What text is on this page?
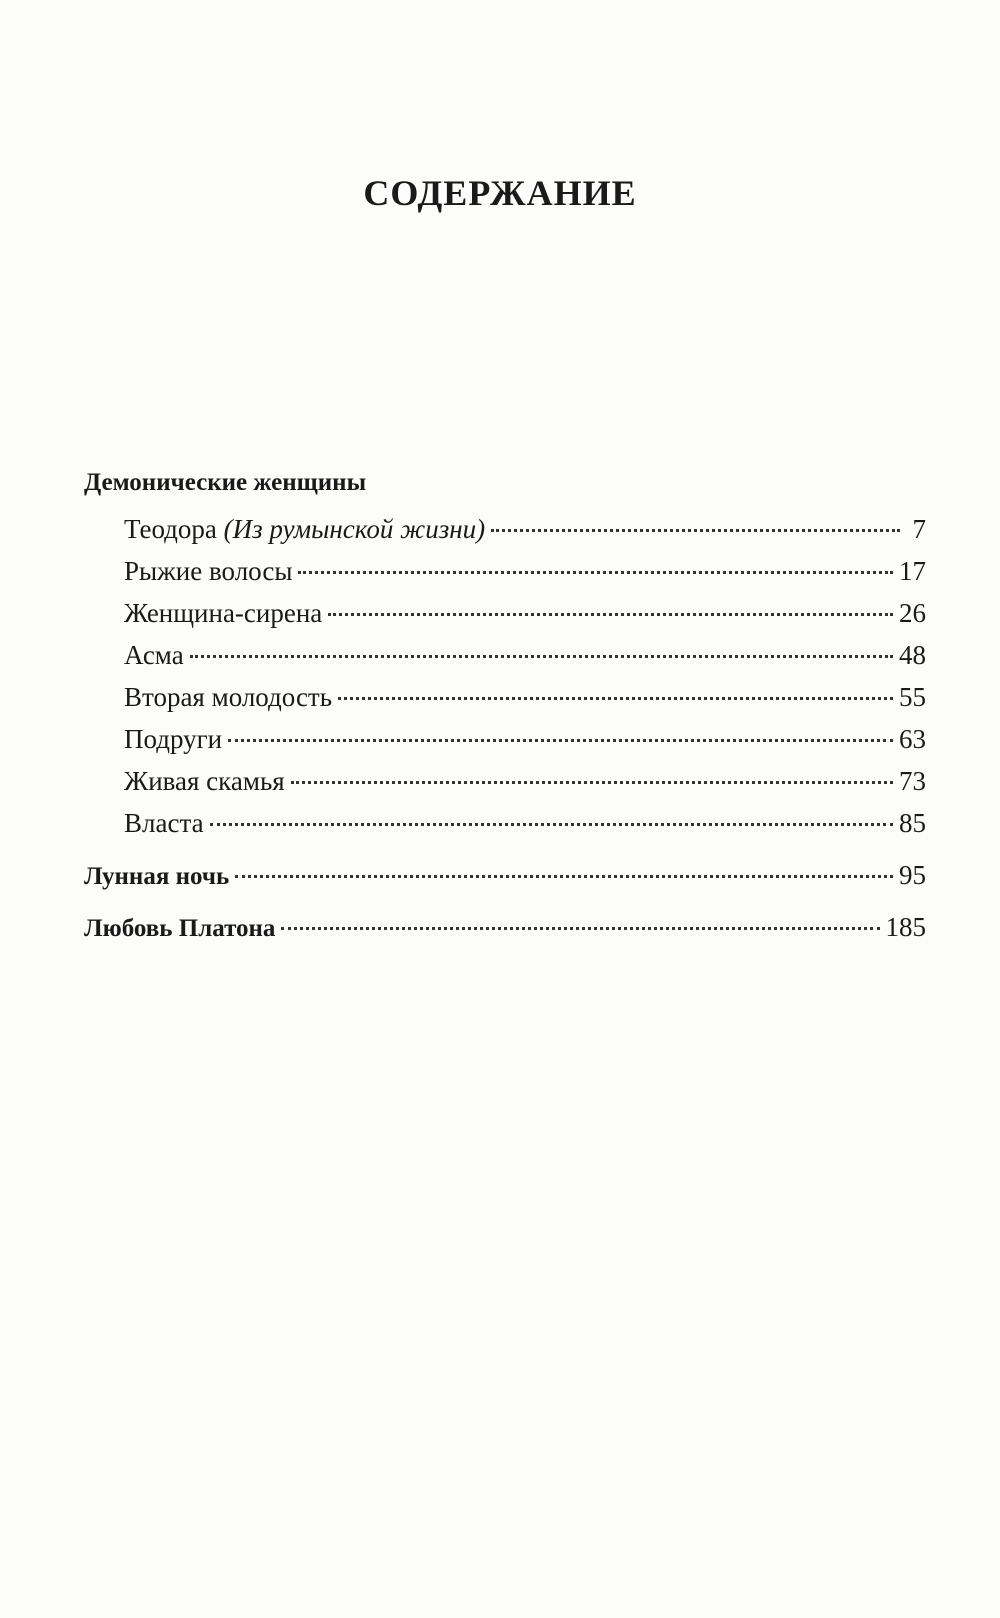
СОДЕРЖАНИЕ
Демонические женщины
Теодора (Из румынской жизни)	7
Рыжие волосы	17
Женщина-сирена	26
Асма	48
Вторая молодость	55
Подруги	63
Живая скамья	73
Власта	85
Лунная ночь	95
Любовь Платона	185
